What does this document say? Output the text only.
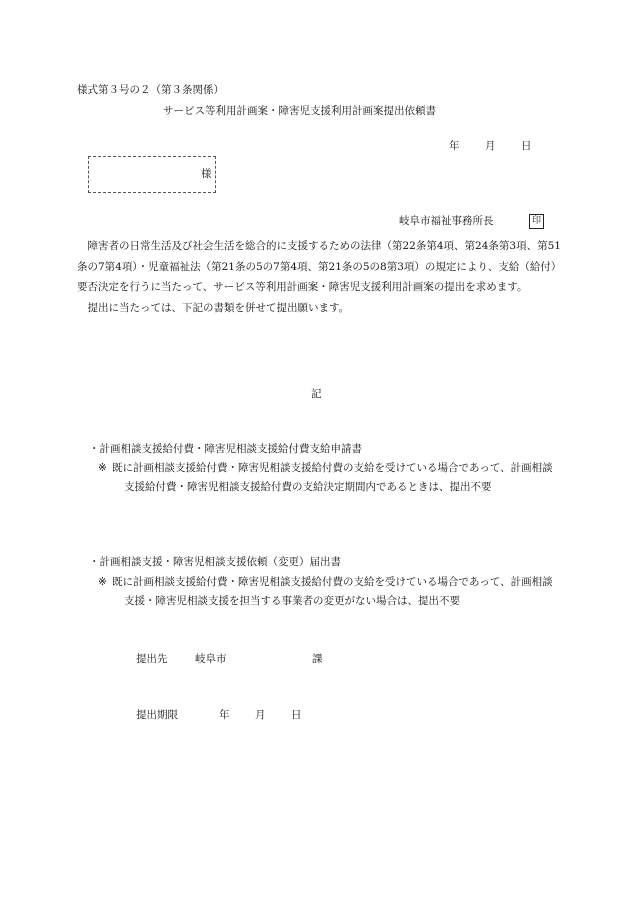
様式第３号の２（第３条関係）
サービス等利用計画案・障害児支援利用計画案提出依頼書
年 月 日
様
岐阜市福祉事務所長	印

障害者の日常生活及び社会生活を総合的に支援するための法律（第22条第4項、第24条第3項、第51条の7第4項）・児童福祉法（第21条の5の7第4項、第21条の5の8第3項）の規定により、支給（給付）要否決定を行うに当たって、サービス等利用計画案・障害児支援利用計画案の提出を求めます。

提出に当たっては、下記の書類を併せて提出願います。

記
・計画相談支援給付費・障害児相談支援給付費支給申請書
※ 既に計画相談支援給付費・障害児相談支援給付費の支給を受けている場合であって、計画相談支援給付費・障害児相談支援給付費の支給決定期間内であるときは、提出不要
・計画相談支援・障害児相談支援依頼（変更）届出書
※ 既に計画相談支援給付費・障害児相談支援給付費の支給を受けている場合であって、計画相談支援・障害児相談支援を担当する事業者の変更がない場合は、提出不要
提出先	岐阜市	課
提出期限	年 月 日
